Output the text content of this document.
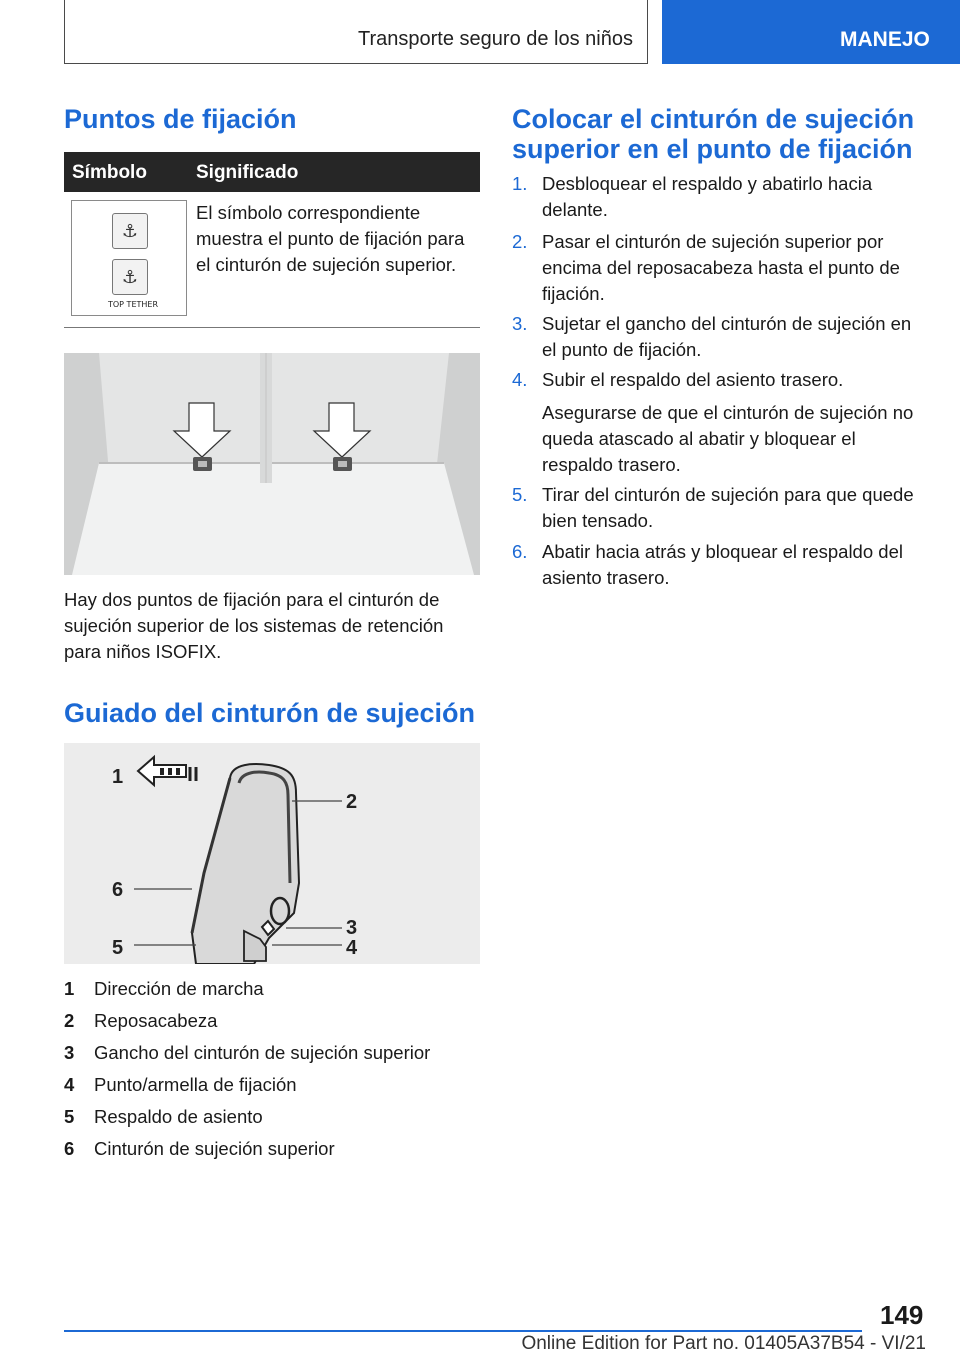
Transporte seguro de los niños	MANEJO
Puntos de fijación
Símbolo	Significado
⚓
⚓
TOP TETHER
El símbolo correspondiente muestra el punto de fijación para el cinturón de sujeción superior.
Hay dos puntos de fijación para el cinturón de sujeción superior de los sistemas de retención para niños ISOFIX.
Guiado del cinturón de sujeción
1
2
3
4
5
6
1 Dirección de marcha
2 Reposacabeza
3 Gancho del cinturón de sujeción superior
4 Punto/armella de fijación
5 Respaldo de asiento
6 Cinturón de sujeción superior
Colocar el cinturón de sujeción superior en el punto de fijación
1. Desbloquear el respaldo y abatirlo hacia delante.
2. Pasar el cinturón de sujeción superior por encima del reposacabeza hasta el punto de fijación.
3. Sujetar el gancho del cinturón de sujeción en el punto de fijación.
4. Subir el respaldo del asiento trasero.
Asegurarse de que el cinturón de sujeción no queda atascado al abatir y bloquear el respaldo trasero.
5. Tirar del cinturón de sujeción para que quede bien tensado.
6. Abatir hacia atrás y bloquear el respaldo del asiento trasero.
149
Online Edition for Part no. 01405A37B54 - VI/21
